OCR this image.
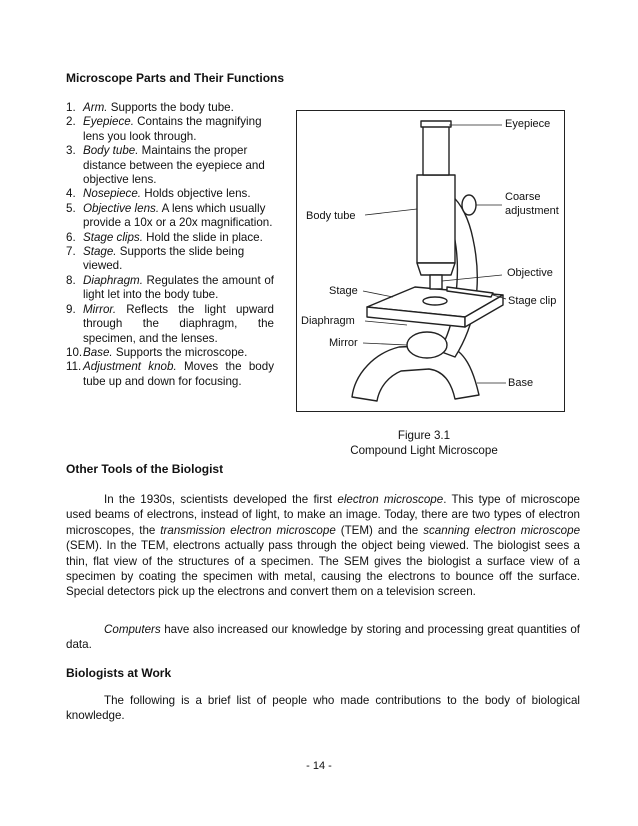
Microscope Parts and Their Functions
1. Arm. Supports the body tube.
2. Eyepiece. Contains the magnifying lens you look through.
3. Body tube. Maintains the proper distance between the eyepiece and objective lens.
4. Nosepiece. Holds objective lens.
5. Objective lens. A lens which usually provide a 10x or a 20x magnification.
6. Stage clips. Hold the slide in place.
7. Stage. Supports the slide being viewed.
8. Diaphragm. Regulates the amount of light let into the body tube.
9. Mirror. Reflects the light upward through the diaphragm, the specimen, and the lenses.
10. Base. Supports the microscope.
11. Adjustment knob. Moves the body tube up and down for focusing.
Eyepiece
Coarse
adjustment
Body tube
Objective
Stage
Stage clip
Diaphragm
Mirror
Base
Figure 3.1
Compound Light Microscope
Other Tools of the Biologist

In the 1930s, scientists developed the first electron microscope. This type of microscope used beams of electrons, instead of light, to make an image. Today, there are two types of electron microscopes, the transmission electron microscope (TEM) and the scanning electron microscope (SEM). In the TEM, electrons actually pass through the object being viewed. The biologist sees a thin, flat view of the structures of a specimen. The SEM gives the biologist a surface view of a specimen by coating the specimen with metal, causing the electrons to bounce off the surface. Special detectors pick up the electrons and convert them on a television screen.

Computers have also increased our knowledge by storing and processing great quantities of data.

Biologists at Work

The following is a brief list of people who made contributions to the body of biological knowledge.

- 14 -
